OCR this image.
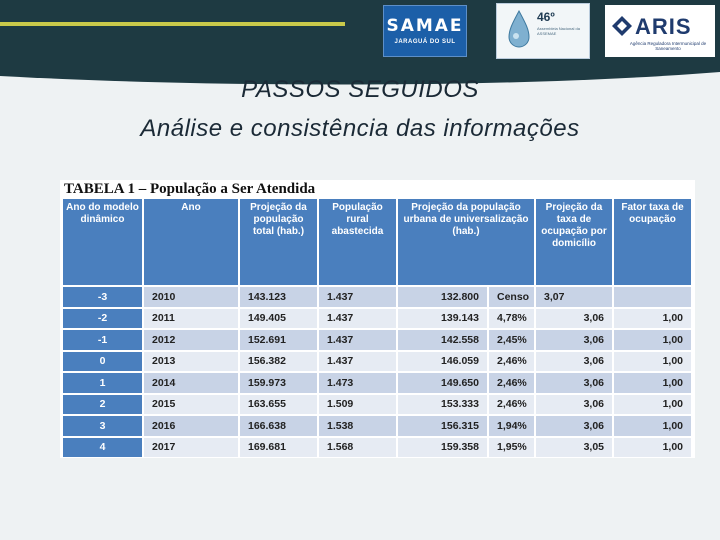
SAMAE
JARAGUÁ DO SUL
46º
Assembleia Nacional da ASSEMAE	ARIS
Agência Reguladora Intermunicipal de Saneamento
PASSOS SEGUIDOS
Análise e consistência das informações
TABELA 1 – População a Ser Atendida
Ano do modelo dinâmico	Ano	Projeção da população total (hab.)	População rural abastecida	Projeção da população urbana de universalização (hab.)		Projeção da taxa de ocupação por domicílio	Fator taxa de ocupação
-3	2010	143.123	1.437	132.800	Censo	3,07	
-2	2011	149.405	1.437	139.143	4,78%	3,06	1,00
-1	2012	152.691	1.437	142.558	2,45%	3,06	1,00
0	2013	156.382	1.437	146.059	2,46%	3,06	1,00
1	2014	159.973	1.473	149.650	2,46%	3,06	1,00
2	2015	163.655	1.509	153.333	2,46%	3,06	1,00
3	2016	166.638	1.538	156.315	1,94%	3,06	1,00
4	2017	169.681	1.568	159.358	1,95%	3,05	1,00
